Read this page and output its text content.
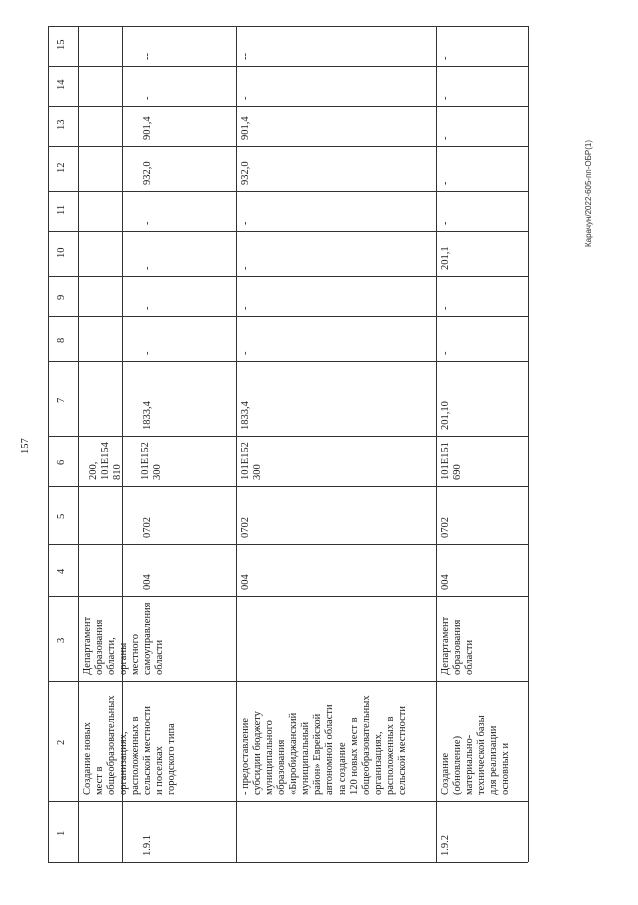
157
Карачун/2022-605-пп-ОБР(1)
1
2
3
4
5
6
7
8
9
10
11
12
13
14
15
1.9.1
Создание новых
мест в
общеобразовательных
организациях,
расположенных в
сельской местности
и поселках
городского типа
Департамент
образования
области,
органы
местного
самоуправления
области
004
0702
200,
101E154
810 101E152
300
1833,4
-
-
-
-
932,0
901,4
-
--
- предоставление
субсидии бюджету
муниципального
образования
«Биробиджанский
муниципальный
район» Еврейской
автономной области
на создание
120 новых мест в
общеобразовательных
организациях,
расположенных в
сельской местности
004
0702
101E152
300
1833,4
-
-
-
-
932,0
901,4
-
--
1.9.2
Создание
(обновление)
материально-
технической базы
для реализации
основных и
Департамент
образования
области
004
0702
101E151
690
201,10
-
-
201,1
-
-
-
-
-
